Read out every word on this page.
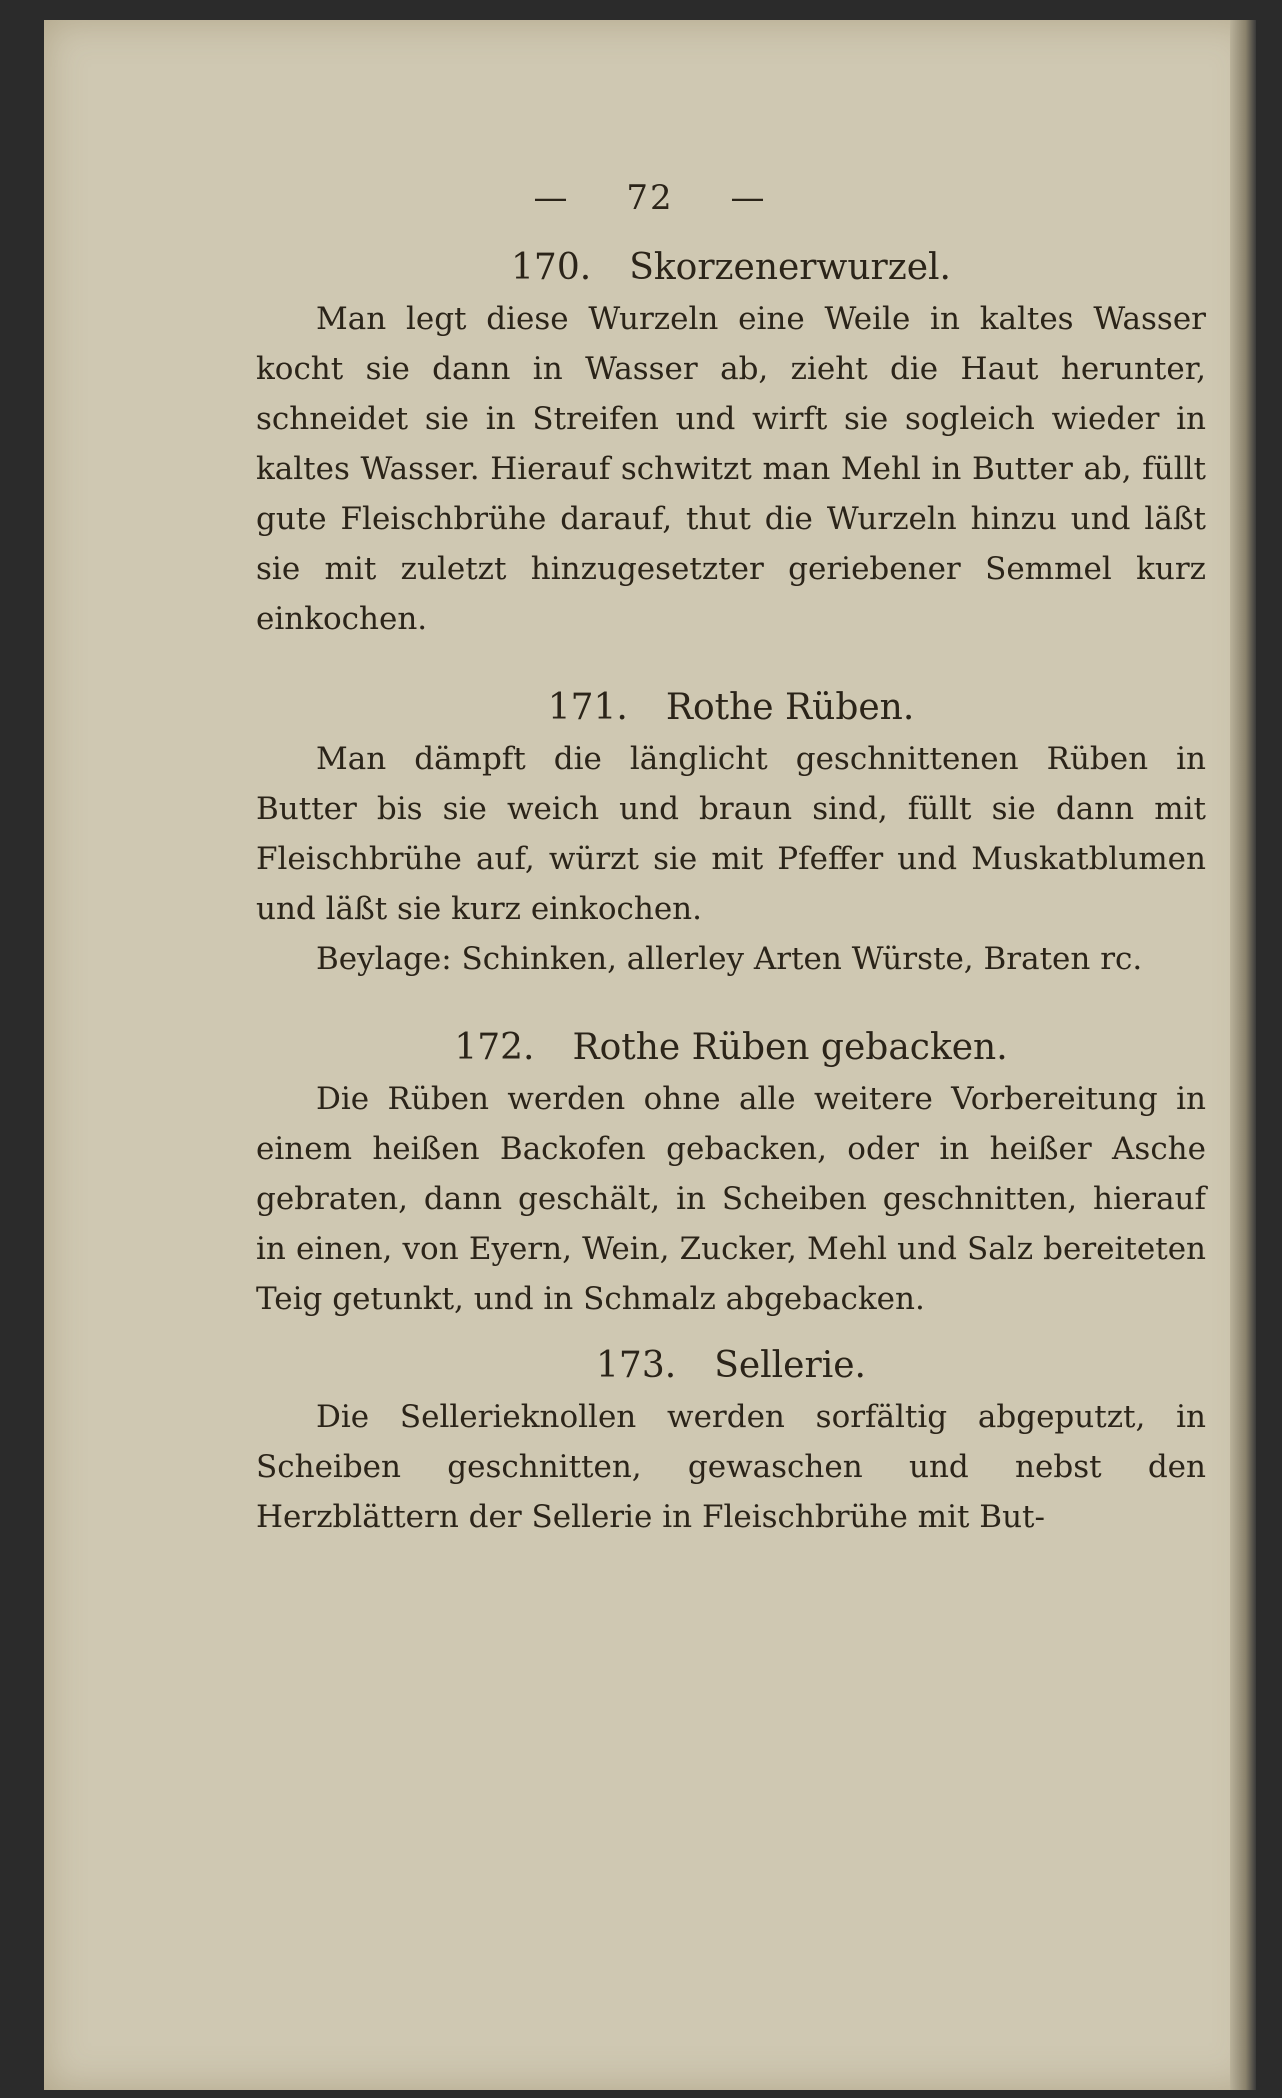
— 72 —

170. Skorzenerwurzel.

Man legt diese Wurzeln eine Weile in kaltes Wasser kocht sie dann in Wasser ab, zieht die Haut herunter, schneidet sie in Streifen und wirft sie sogleich wieder in kaltes Wasser. Hierauf schwitzt man Mehl in Butter ab, füllt gute Fleischbrühe darauf, thut die Wurzeln hinzu und läßt sie mit zuletzt hinzugesetzter geriebener Semmel kurz einkochen.

171. Rothe Rüben.

Man dämpft die länglicht geschnittenen Rüben in Butter bis sie weich und braun sind, füllt sie dann mit Fleischbrühe auf, würzt sie mit Pfeffer und Muskatblumen und läßt sie kurz einkochen.

Beylage: Schinken, allerley Arten Würste, Braten rc.

172. Rothe Rüben gebacken.

Die Rüben werden ohne alle weitere Vorbereitung in einem heißen Backofen gebacken, oder in heißer Asche gebraten, dann geschält, in Scheiben geschnitten, hierauf in einen, von Eyern, Wein, Zucker, Mehl und Salz bereiteten Teig getunkt, und in Schmalz abgebacken.

173. Sellerie.

Die Sellerieknollen werden sorfältig abgeputzt, in Scheiben geschnitten, gewaschen und nebst den Herzblättern der Sellerie in Fleischbrühe mit But-
